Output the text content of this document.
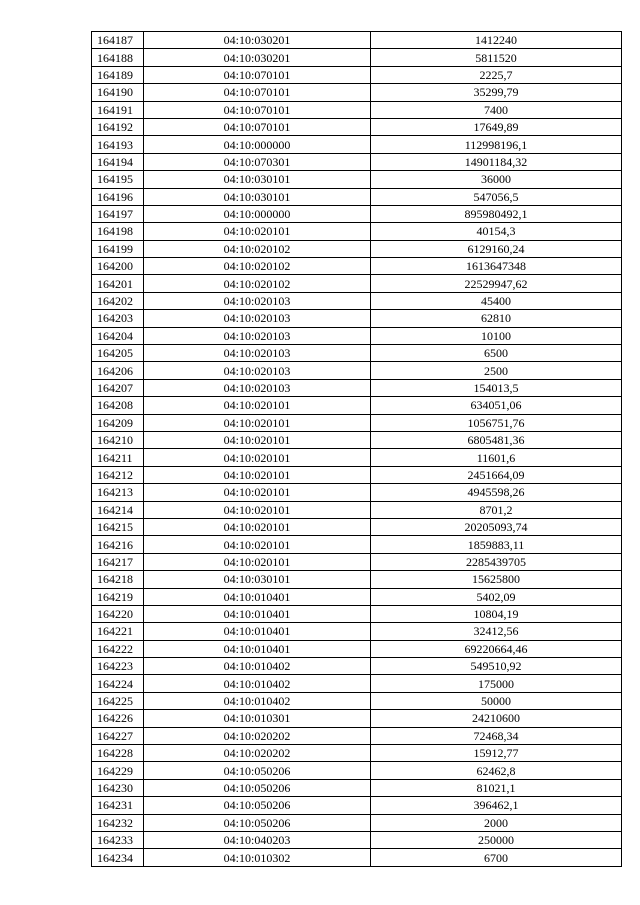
164187	04:10:030201	1412240
164188	04:10:030201	5811520
164189	04:10:070101	2225,7
164190	04:10:070101	35299,79
164191	04:10:070101	7400
164192	04:10:070101	17649,89
164193	04:10:000000	112998196,1
164194	04:10:070301	14901184,32
164195	04:10:030101	36000
164196	04:10:030101	547056,5
164197	04:10:000000	895980492,1
164198	04:10:020101	40154,3
164199	04:10:020102	6129160,24
164200	04:10:020102	1613647348
164201	04:10:020102	22529947,62
164202	04:10:020103	45400
164203	04:10:020103	62810
164204	04:10:020103	10100
164205	04:10:020103	6500
164206	04:10:020103	2500
164207	04:10:020103	154013,5
164208	04:10:020101	634051,06
164209	04:10:020101	1056751,76
164210	04:10:020101	6805481,36
164211	04:10:020101	11601,6
164212	04:10:020101	2451664,09
164213	04:10:020101	4945598,26
164214	04:10:020101	8701,2
164215	04:10:020101	20205093,74
164216	04:10:020101	1859883,11
164217	04:10:020101	2285439705
164218	04:10:030101	15625800
164219	04:10:010401	5402,09
164220	04:10:010401	10804,19
164221	04:10:010401	32412,56
164222	04:10:010401	69220664,46
164223	04:10:010402	549510,92
164224	04:10:010402	175000
164225	04:10:010402	50000
164226	04:10:010301	24210600
164227	04:10:020202	72468,34
164228	04:10:020202	15912,77
164229	04:10:050206	62462,8
164230	04:10:050206	81021,1
164231	04:10:050206	396462,1
164232	04:10:050206	2000
164233	04:10:040203	250000
164234	04:10:010302	6700
